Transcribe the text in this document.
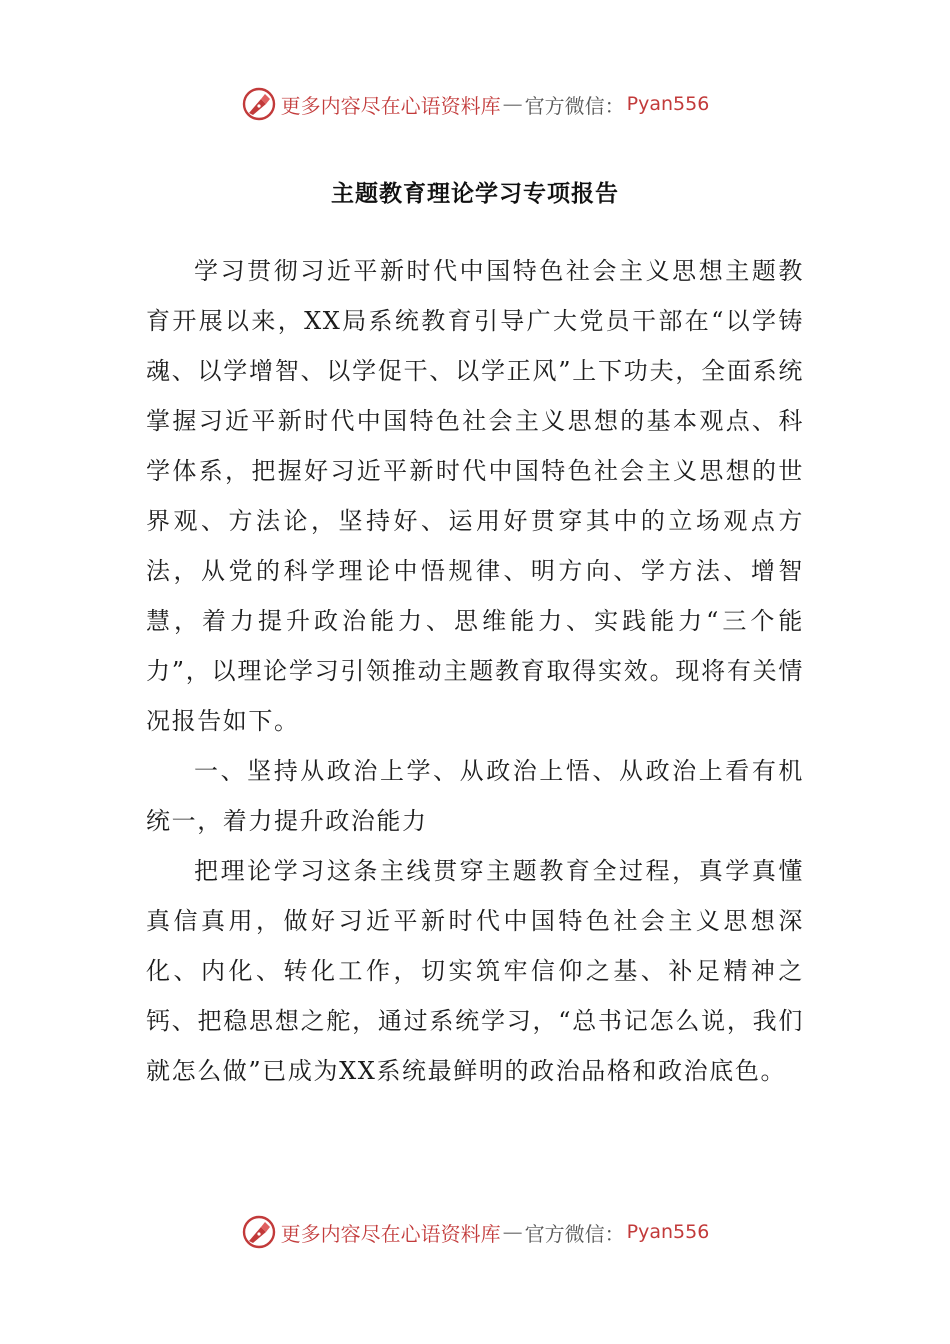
更多内容尽在心语资料库 — 官方微信： Pyan556
主题教育理论学习专项报告

学习贯彻习近平新时代中国特色社会主义思想主题教育开展以来，XX局系统教育引导广大党员干部在“以学铸魂、以学增智、以学促干、以学正风”上下功夫，全面系统掌握习近平新时代中国特色社会主义思想的基本观点、科学体系，把握好习近平新时代中国特色社会主义思想的世界观、方法论，坚持好、运用好贯穿其中的立场观点方法，从党的科学理论中悟规律、明方向、学方法、增智慧，着力提升政治能力、思维能力、实践能力“三个能力”，以理论学习引领推动主题教育取得实效。现将有关情况报告如下。

一、坚持从政治上学、从政治上悟、从政治上看有机统一，着力提升政治能力

把理论学习这条主线贯穿主题教育全过程，真学真懂真信真用，做好习近平新时代中国特色社会主义思想深化、内化、转化工作，切实筑牢信仰之基、补足精神之钙、把稳思想之舵，通过系统学习，“总书记怎么说，我们就怎么做”已成为XX系统最鲜明的政治品格和政治底色。

更多内容尽在心语资料库 — 官方微信： Pyan556
